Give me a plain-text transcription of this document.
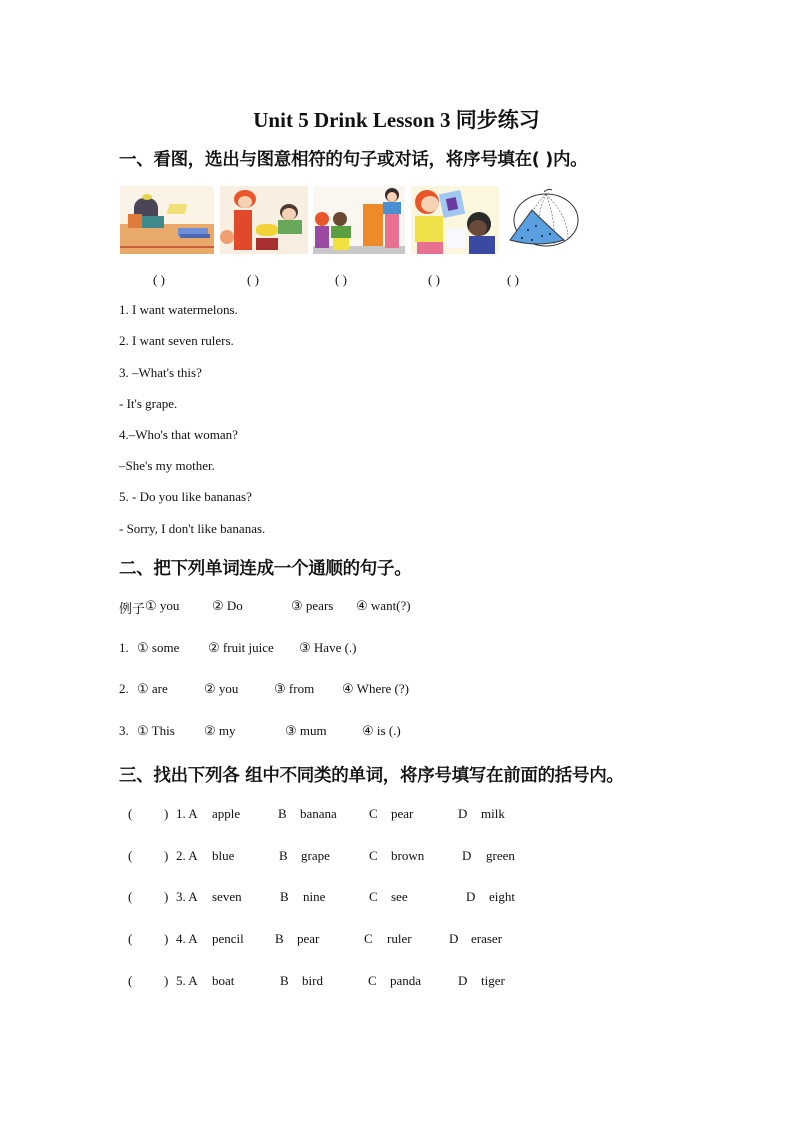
Unit 5 Drink Lesson 3 同步练习
一、看图，选出与图意相符的句子或对话，将序号填在( )内。
( )	( )	( )	( )	( )
1. I want watermelons.
2. I want seven rulers.
3. –What's this?
- It's grape.
4.–Who's that woman?
–She's my mother.
5. - Do you like bananas?
- Sorry, I don't like bananas.
二、把下列单词连成一个通顺的句子。
例子 ① you	② Do	③ pears ④ want(?)
1. ① some ② fruit juice ③ Have (.)
2. ① are	② you	③ from ④ Where (?)
3. ① This ② my	③ mum	④ is (.)
三、找出下列各 组中不同类的单词，将序号填写在前面的括号内。
( ) 1. A apple	B banana C pear	D milk
( ) 2. A blue	B grape	C brown	D green
( ) 3. A seven	B nine	C see	D eight
( ) 4. A pencil B pear	C ruler	D eraser
( ) 5. A boat	B bird	C panda	D tiger
